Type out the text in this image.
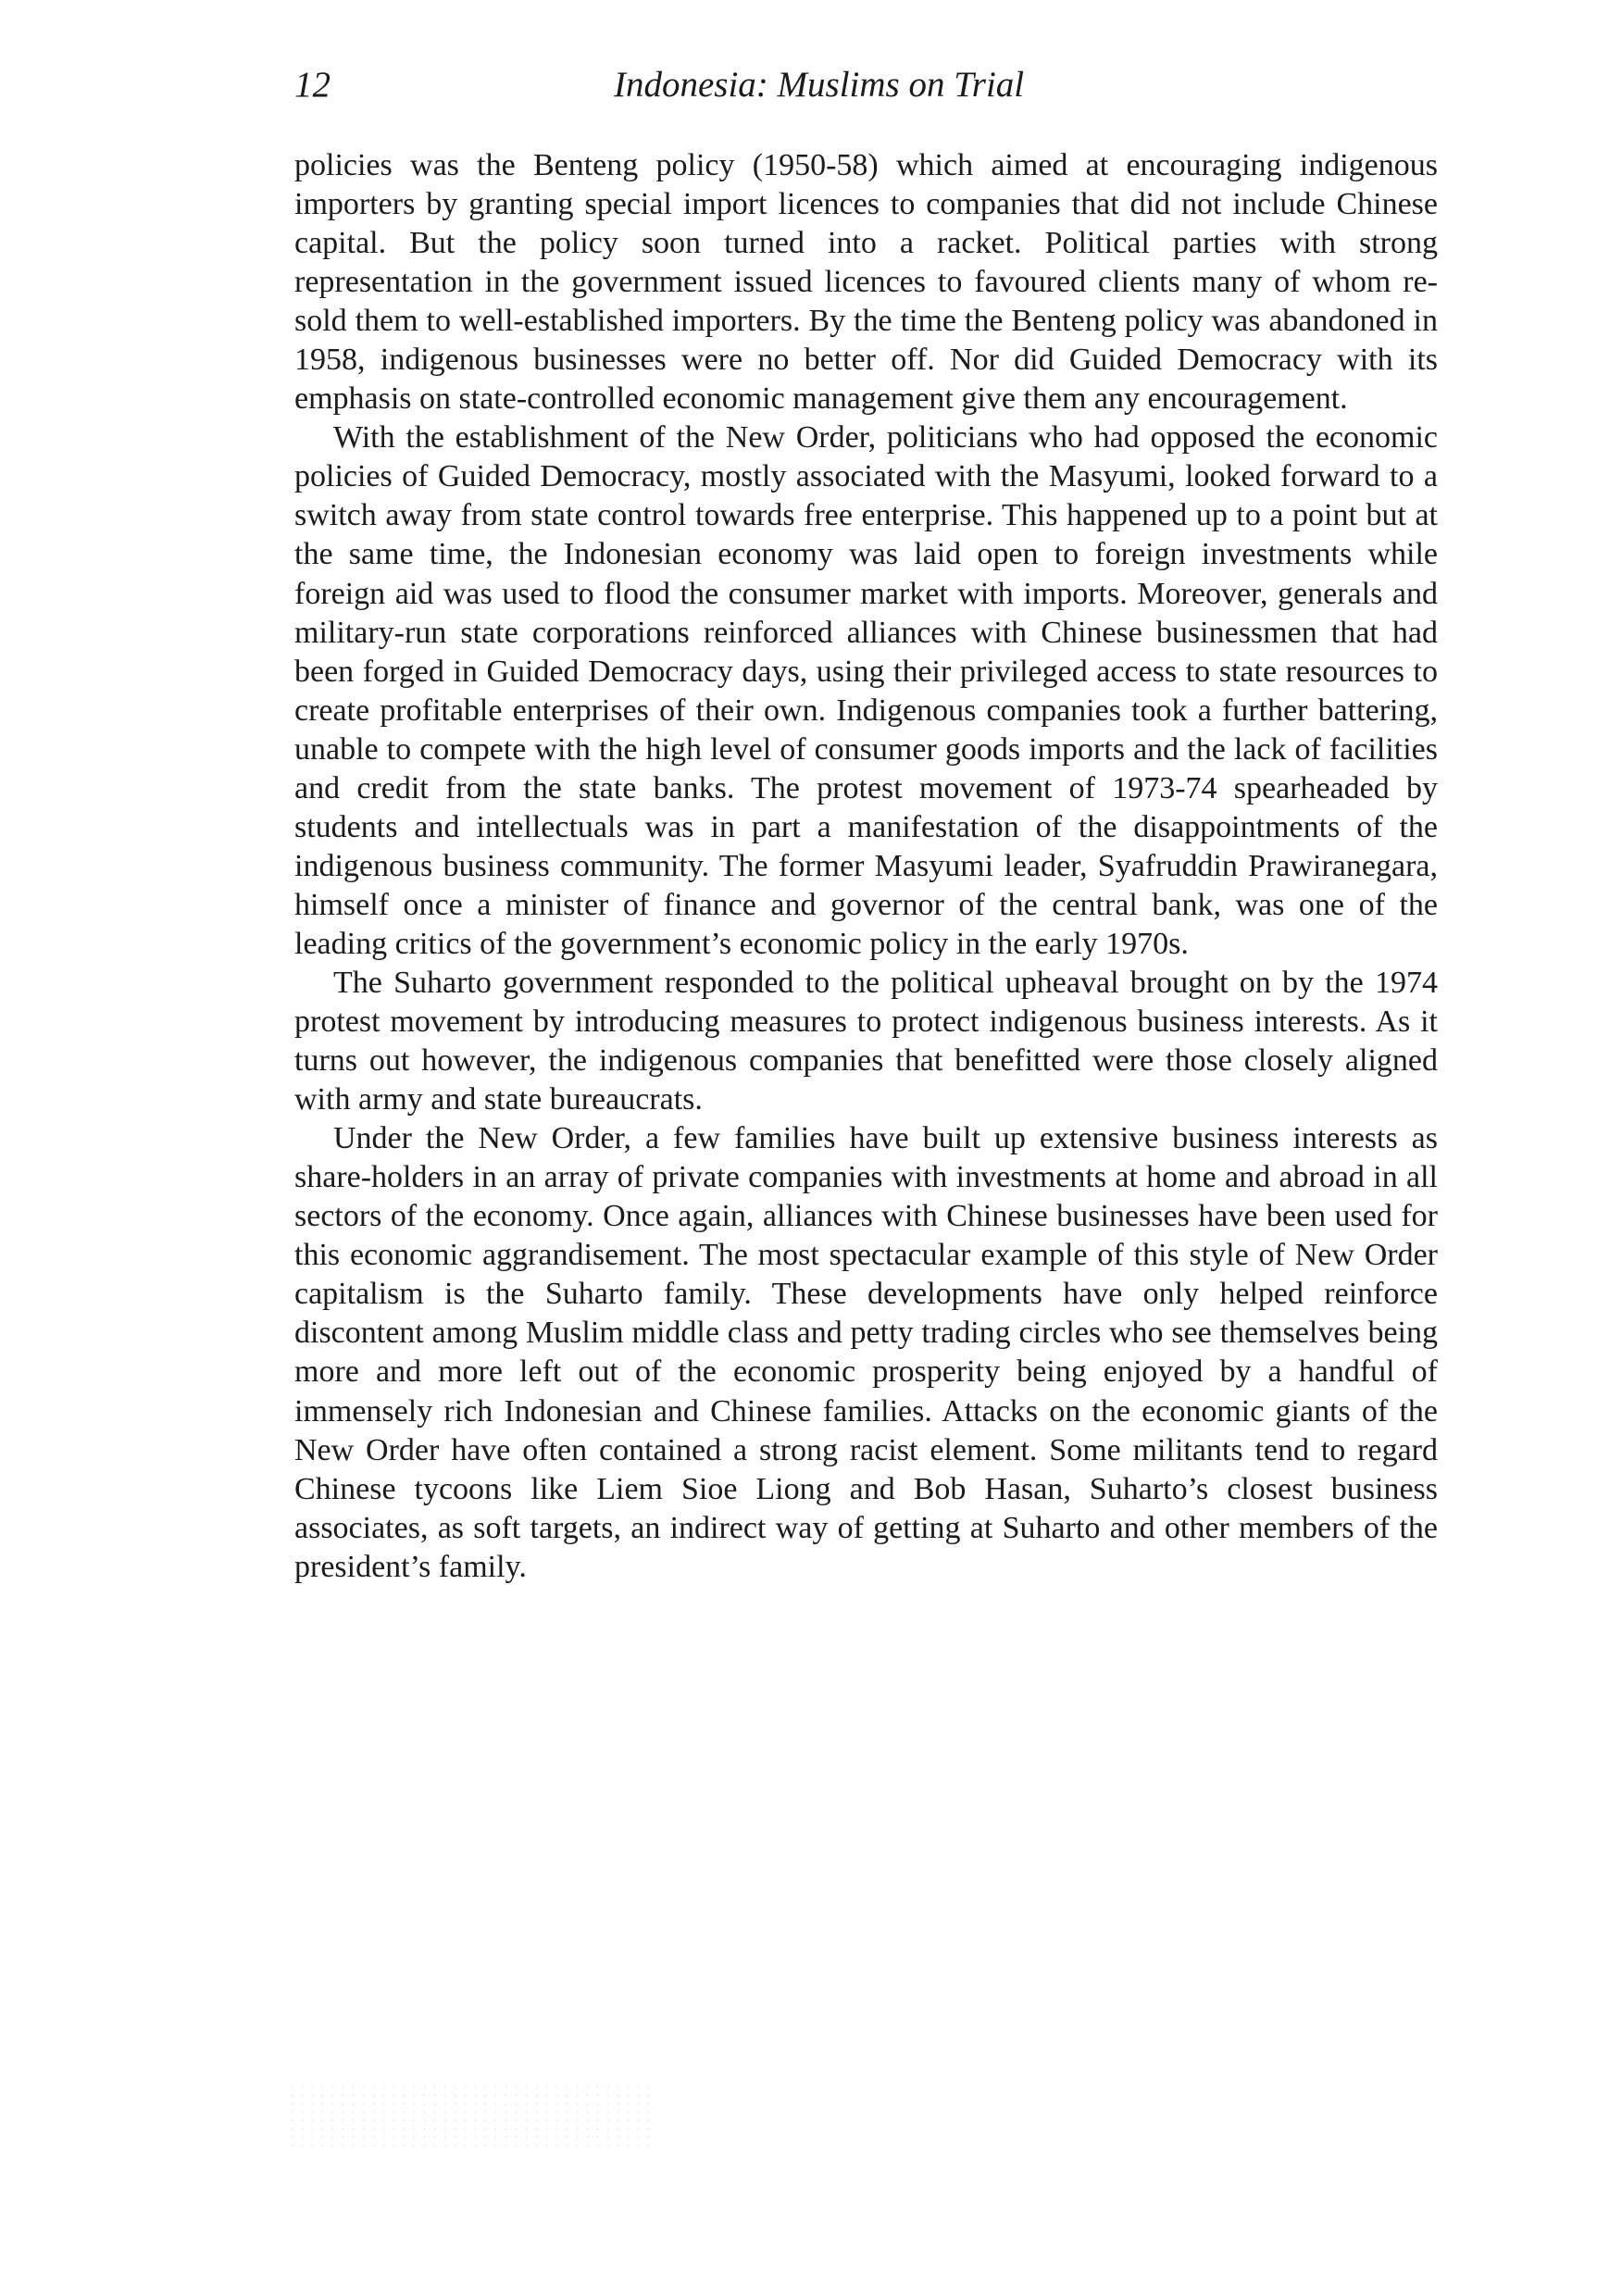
12	Indonesia: Muslims on Trial

policies was the Benteng policy (1950-58) which aimed at encouraging indigenous importers by granting special import licences to companies that did not include Chinese capital. But the policy soon turned into a racket. Political parties with strong representation in the government issued licences to favoured clients many of whom re-sold them to well-established importers. By the time the Benteng policy was abandoned in 1958, indigenous businesses were no better off. Nor did Guided Democracy with its emphasis on state-controlled economic management give them any encouragement.

With the establishment of the New Order, politicians who had opposed the economic policies of Guided Democracy, mostly associated with the Masyumi, looked forward to a switch away from state control towards free enterprise. This happened up to a point but at the same time, the Indonesian economy was laid open to foreign investments while foreign aid was used to flood the consumer market with imports. Moreover, generals and military-run state corporations reinforced alliances with Chinese businessmen that had been forged in Guided Democracy days, using their privileged access to state resources to create profitable enterprises of their own. Indigenous companies took a further battering, unable to compete with the high level of consumer goods imports and the lack of facilities and credit from the state banks. The protest movement of 1973-74 spearheaded by students and intellectuals was in part a manifestation of the disappointments of the indigenous business community. The former Masyumi leader, Syafruddin Prawiranegara, himself once a minister of finance and governor of the central bank, was one of the leading critics of the government’s economic policy in the early 1970s.

The Suharto government responded to the political upheaval brought on by the 1974 protest movement by introducing measures to protect indigenous business interests. As it turns out however, the indigenous companies that benefitted were those closely aligned with army and state bureaucrats.

Under the New Order, a few families have built up extensive business interests as share-holders in an array of private companies with investments at home and abroad in all sectors of the economy. Once again, alliances with Chinese businesses have been used for this economic aggrandisement. The most spectacular example of this style of New Order capitalism is the Suharto family. These developments have only helped reinforce discontent among Muslim middle class and petty trading circles who see themselves being more and more left out of the economic prosperity being enjoyed by a handful of immensely rich Indonesian and Chinese families. Attacks on the economic giants of the New Order have often contained a strong racist element. Some militants tend to regard Chinese tycoons like Liem Sioe Liong and Bob Hasan, Suharto’s closest business associates, as soft targets, an indirect way of getting at Suharto and other members of the president’s family.
